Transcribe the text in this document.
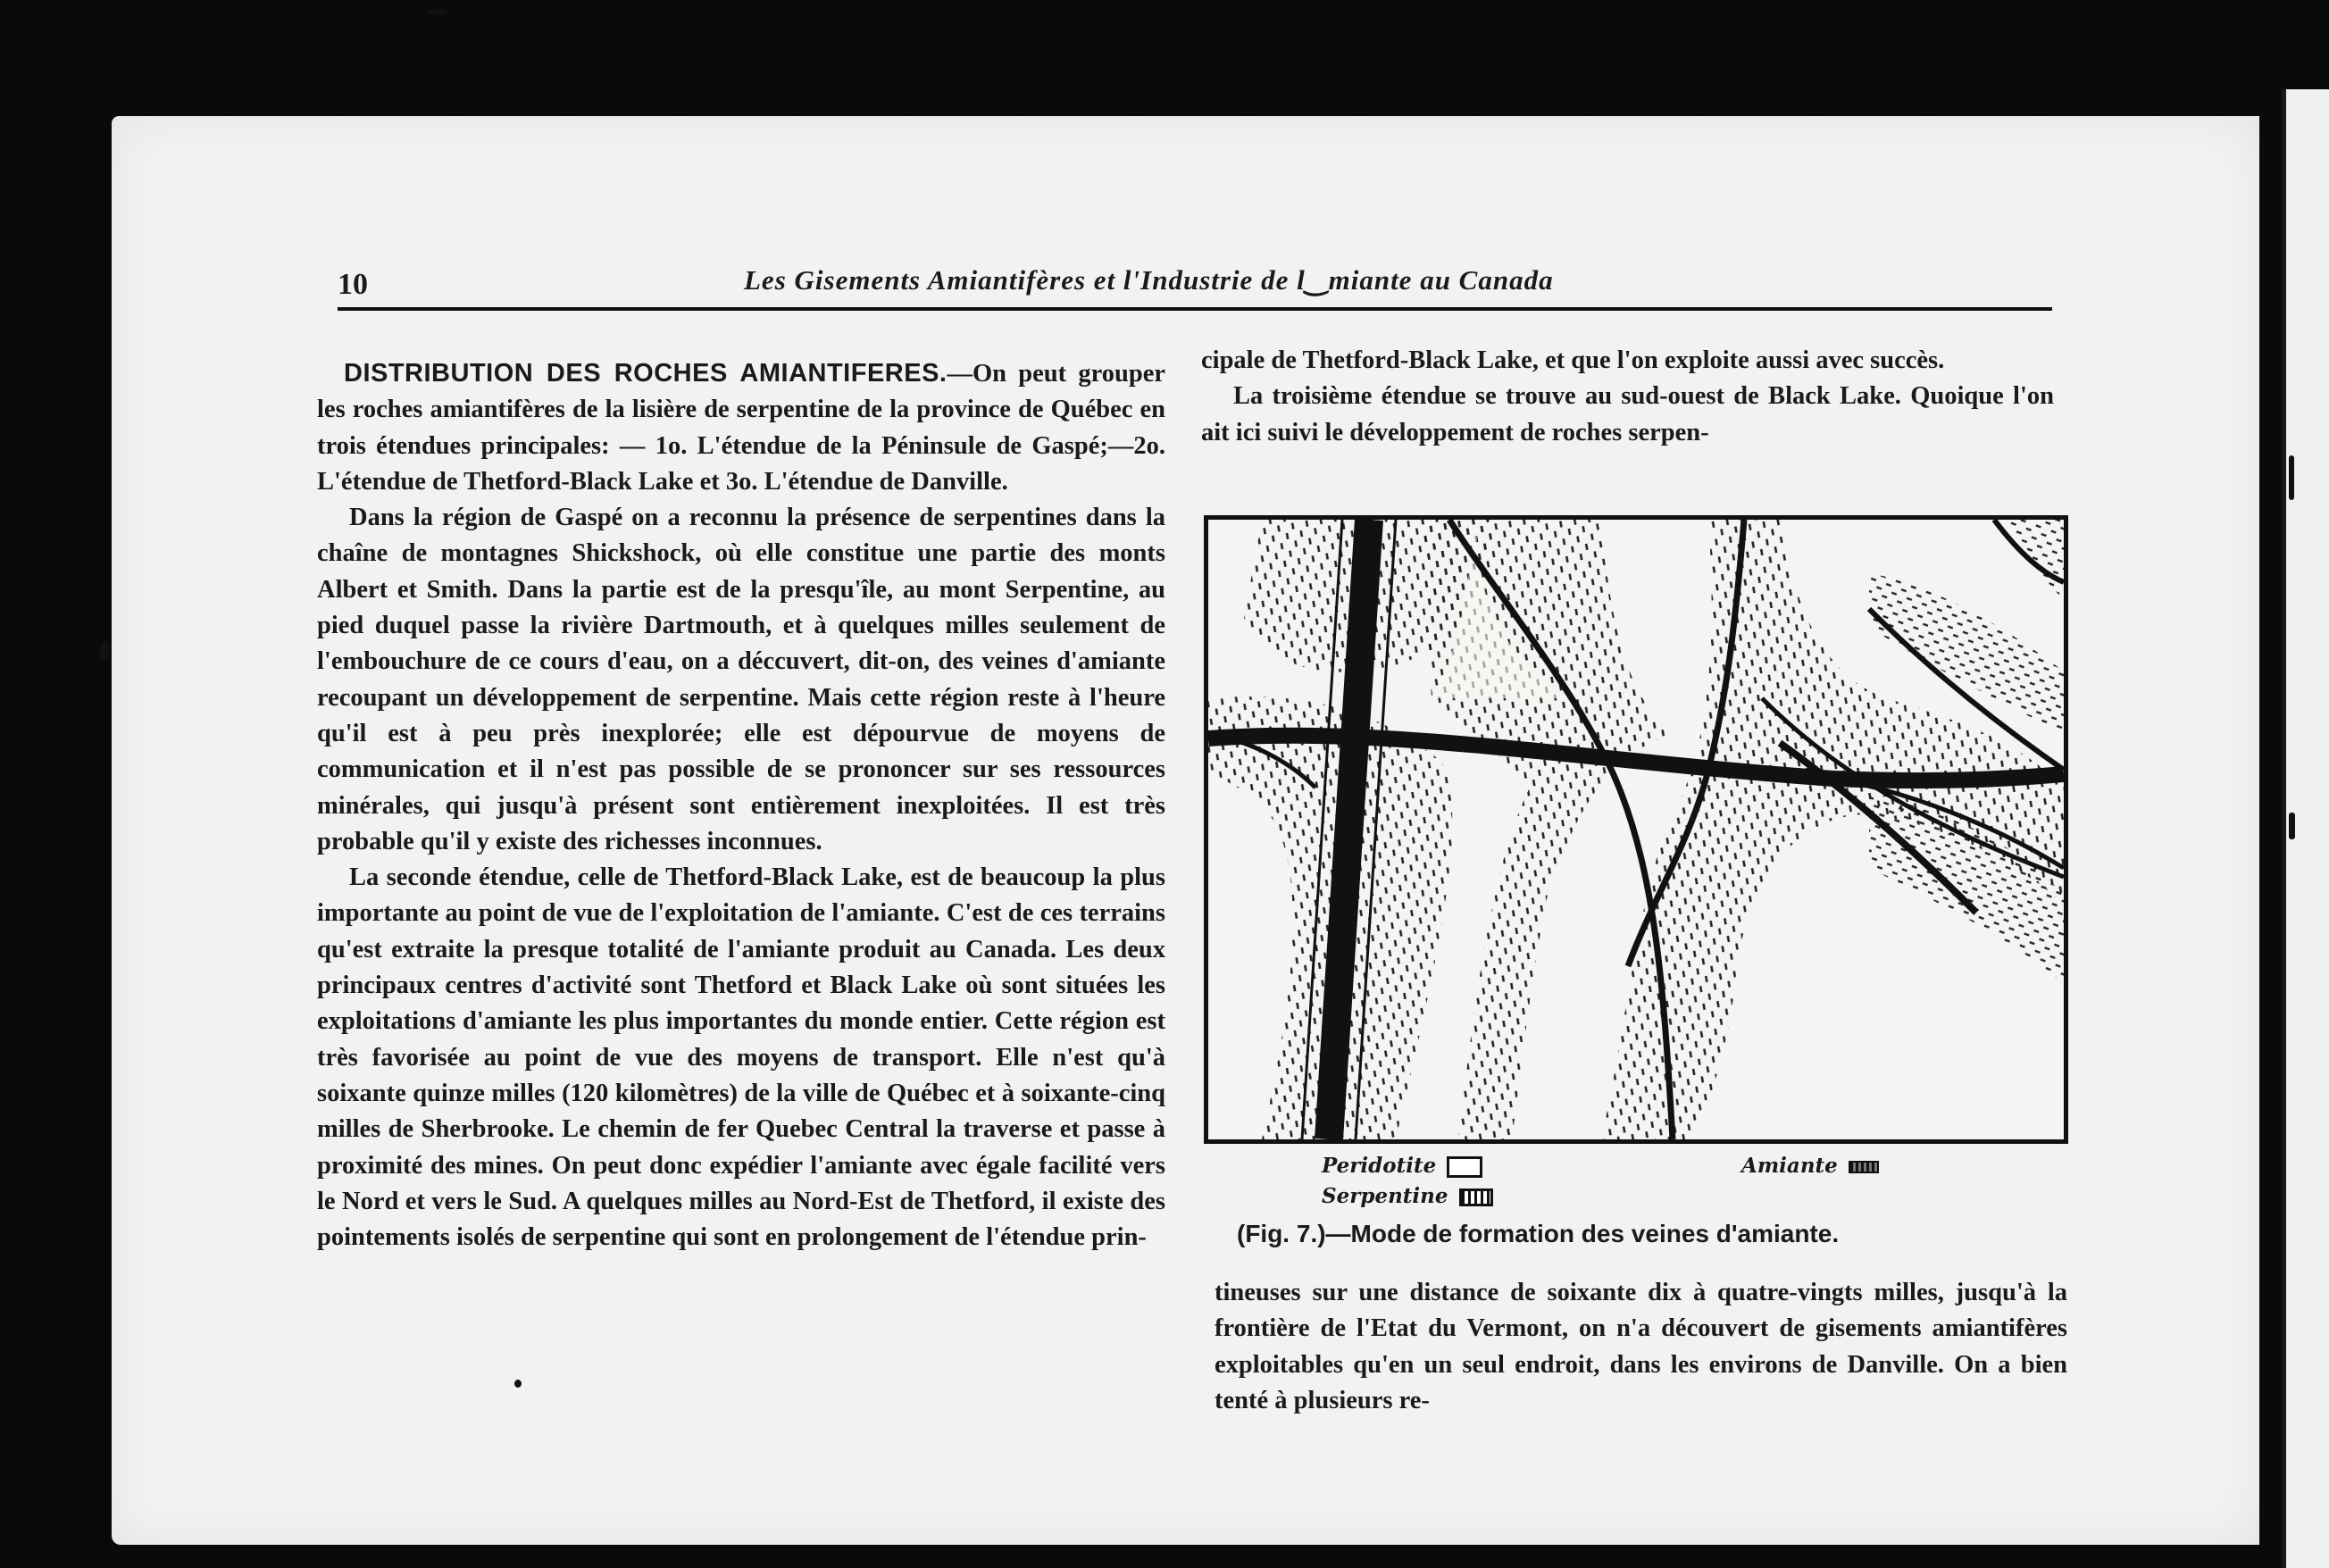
10	Les Gisements Amiantifères et l'Industrie de l‿miante au Canada

DISTRIBUTION DES ROCHES AMIANTIFERES.—On peut grouper les roches amiantifères de la lisière de serpentine de la province de Québec en trois étendues principales: — 1o. L'étendue de la Péninsule de Gaspé;—2o. L'étendue de Thetford-Black Lake et 3o. L'étendue de Danville.

Dans la région de Gaspé on a reconnu la présence de serpentines dans la chaîne de montagnes Shickshock, où elle constitue une partie des monts Albert et Smith. Dans la partie est de la presqu'île, au mont Serpentine, au pied duquel passe la rivière Dartmouth, et à quelques milles seulement de l'embouchure de ce cours d'eau, on a déccuvert, dit-on, des veines d'amiante recoupant un développement de serpentine. Mais cette région reste à l'heure qu'il est à peu près inexplorée; elle est dépourvue de moyens de communication et il n'est pas possible de se prononcer sur ses ressources minérales, qui jusqu'à présent sont entièrement inexploitées. Il est très probable qu'il y existe des richesses inconnues.

La seconde étendue, celle de Thetford-Black Lake, est de beaucoup la plus importante au point de vue de l'exploitation de l'amiante. C'est de ces terrains qu'est extraite la presque totalité de l'amiante produit au Canada. Les deux principaux centres d'activité sont Thetford et Black Lake où sont situées les exploitations d'amiante les plus importantes du monde entier. Cette région est très favorisée au point de vue des moyens de transport. Elle n'est qu'à soixante quinze milles (120 kilomètres) de la ville de Québec et à soixante-cinq milles de Sherbrooke. Le chemin de fer Quebec Central la traverse et passe à proximité des mines. On peut donc expédier l'amiante avec égale facilité vers le Nord et vers le Sud. A quelques milles au Nord-Est de Thetford, il existe des pointements isolés de serpentine qui sont en prolongement de l'étendue prin-

cipale de Thetford-Black Lake, et que l'on exploite aussi avec succès.

La troisième étendue se trouve au sud-ouest de Black Lake. Quoique l'on ait ici suivi le développement de roches serpen-

Peridotite
Serpentine
Amiante
(Fig. 7.)—Mode de formation des veines d'amiante.

tineuses sur une distance de soixante dix à quatre-vingts milles, jusqu'à la frontière de l'Etat du Vermont, on n'a découvert de gisements amiantifères exploitables qu'en un seul endroit, dans les environs de Danville. On a bien tenté à plusieurs re-
